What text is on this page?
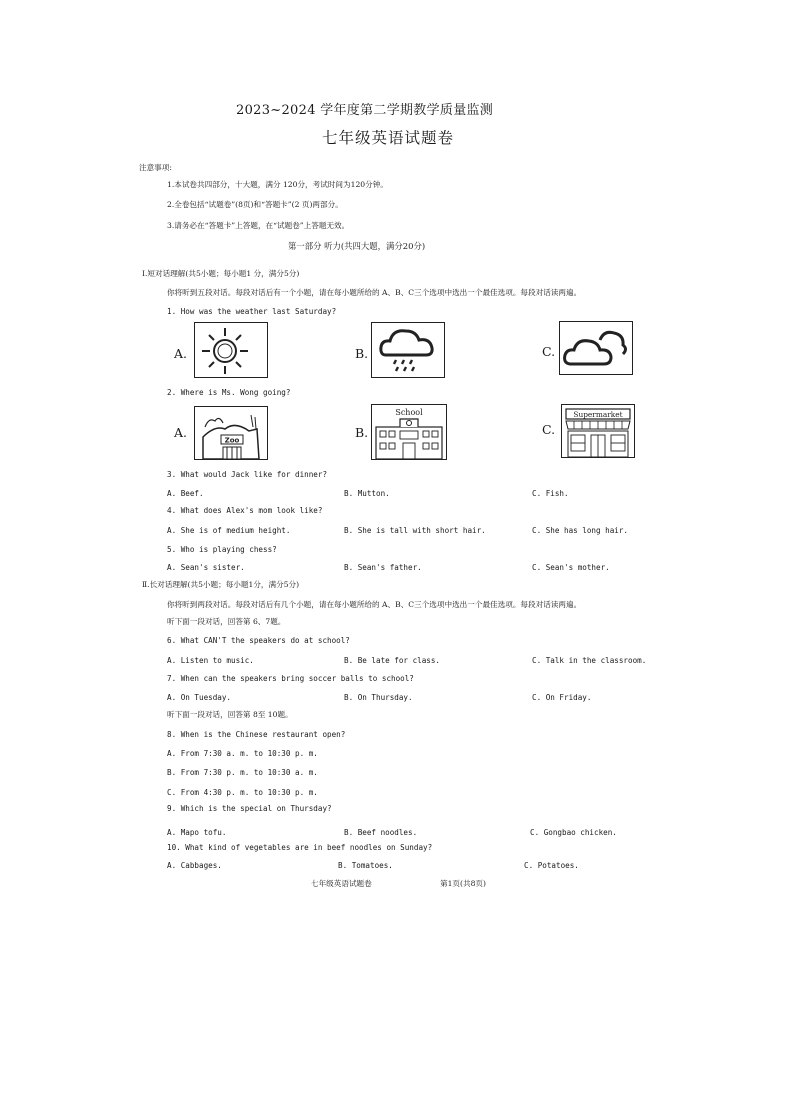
2023~2024 学年度第二学期教学质量监测
七年级英语试题卷
注意事项:
1.本试卷共四部分，十大题，满分 120分，考试时间为120分钟。
2.全卷包括“试题卷”(8页)和“答题卡”(2 页)两部分。
3.请务必在“答题卡”上答题，在“试题卷”上答题无效。
第一部分 听力(共四大题，满分20分)
Ⅰ.短对话理解(共5小题；每小题1 分，满分5分)
你将听到五段对话。每段对话后有一个小题，请在每小题所给的 A、B、C三个选项中选出一个最佳选项。每段对话读两遍。
1. How was the weather last Saturday?
A.	B.	C.
2. Where is Ms. Wong going?
A.
Zoo
B.
School
C.
Supermarket
3. What would Jack like for dinner?
A. Beef.	B. Mutton.	C. Fish.
4. What does Alex's mom look like?
A. She is of medium height.	B. She is tall with short hair.	C. She has long hair.
5. Who is playing chess?
A. Sean's sister.	B. Sean's father.	C. Sean's mother.
Ⅱ.长对话理解(共5小题；每小题1分，满分5分)
你将听到两段对话。每段对话后有几个小题，请在每小题所给的 A、B、C三个选项中选出一个最佳选项。每段对话读两遍。
听下面一段对话，回答第 6、7题。
6. What CAN'T the speakers do at school?
A. Listen to music.	B. Be late for class.	C. Talk in the classroom.
7. When can the speakers bring soccer balls to school?
A. On Tuesday.	B. On Thursday.	C. On Friday.
听下面一段对话，回答第 8至 10题。
8. When is the Chinese restaurant open?
A. From 7:30 a. m. to 10:30 p. m.
B. From 7:30 p. m. to 10:30 a. m.
C. From 4:30 p. m. to 10:30 p. m.
9. Which is the special on Thursday?
A. Mapo tofu.	B. Beef noodles.	C. Gongbao chicken.
10. What kind of vegetables are in beef noodles on Sunday?
A. Cabbages.	B. Tomatoes.	C. Potatoes.
七年级英语试题卷	第1页(共8页)
